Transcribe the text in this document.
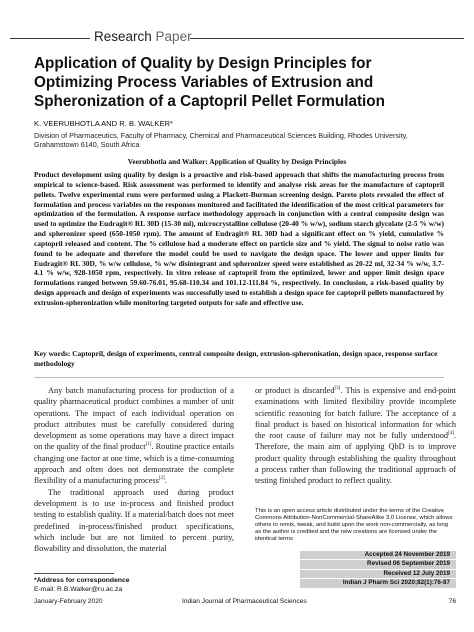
Research Paper
Application of Quality by Design Principles for Optimizing Process Variables of Extrusion and Spheronization of a Captopril Pellet Formulation
K. VEERUBHOTLA AND R. B. WALKER*
Division of Pharmaceutics, Faculty of Pharmacy, Chemical and Pharmaceutical Sciences Building, Rhodes University, Grahamstown 6140, South Africa
Veerubhotla and Walker: Application of Quality by Design Principles
Product development using quality by design is a proactive and risk-based approach that shifts the manufacturing process from empirical to science-based. Risk assessment was performed to identify and analyse risk areas for the manufacture of captopril pellets. Twelve experimental runs were performed using a Plackett-Burman screening design. Pareto plots revealed the effect of formulation and process variables on the responses monitored and facilitated the identification of the most critical parameters for optimization of the formulation. A response surface methodology approach in conjunction with a central composite design was used to optimize the Eudragit® RL 30D (15-30 ml), microcrystalline cellulose (20-40 % w/w), sodium starch glycolate (2-5 % w/w) and spheronizer speed (650-1050 rpm). The amount of Eudragit® RL 30D had a significant effect on % yield, cumulative % captopril released and content. The % cellulose had a moderate effect on particle size and % yield. The signal to noise ratio was found to be adequate and therefore the model could be used to navigate the design space. The lower and upper limits for Eudragit® RL 30D, % w/w cellulose, % w/w disintegrant and spheronizer speed were established as 20-22 ml, 32-34 % w/w, 3.7-4.1 % w/w, 928-1050 rpm, respectively. In vitro release of captopril from the optimized, lower and upper limit design space formulations ranged between 59.60-76.01, 95.68-110.34 and 101.12-111.84 %, respectively. In conclusion, a risk-based quality by design approach and design of experiments was successfully used to establish a design space for captopril pellets manufactured by extrusion-spheronization while monitoring targeted outputs for safe and effective use.
Key words: Captopril, design of experiments, central composite design, extrusion-spheronisation, design space, response surface methodology

Any batch manufacturing process for production of a quality pharmaceutical product combines a number of unit operations. The impact of each individual operation on product attributes must be carefully considered during development as some operations may have a direct impact on the quality of the final product[1]. Routine practice entails changing one factor at one time, which is a time-consuming approach and often does not demonstrate the complete flexibility of a manufacturing process[2].

The traditional approach used during product development is to use in-process and finished product testing to establish quality. If a material/batch does not meet predefined in-process/finished product specifications, which include but are not limited to percent purity, flowability and dissolution, the material

or product is discarded[3]. This is expensive and end-point examinations with limited flexibility provide incomplete scientific reasoning for batch failure. The acceptance of a final product is based on historical information for which the root cause of failure may not be fully understood[4]. Therefore, the main aim of applying QbD is to improve product quality through establishing the quality throughout a process rather than following the traditional approach of testing finished product to reflect quality.

This is an open access article distributed under the terms of the Creative Commons Attribution-NonCommercial-ShareAlike 3.0 License, which allows others to remix, tweak, and build upon the work non-commercially, as long as the author is credited and the new creations are licensed under the identical terms
Accepted 24 November 2019
Revised 06 September 2019
Received 12 July 2019
Indian J Pharm Sci 2020;82(1):76-87
*Address for correspondence
E-mail: R.B.Walker@ru.ac.za
January-February 2020	Indian Journal of Pharmaceutical Sciences	76
